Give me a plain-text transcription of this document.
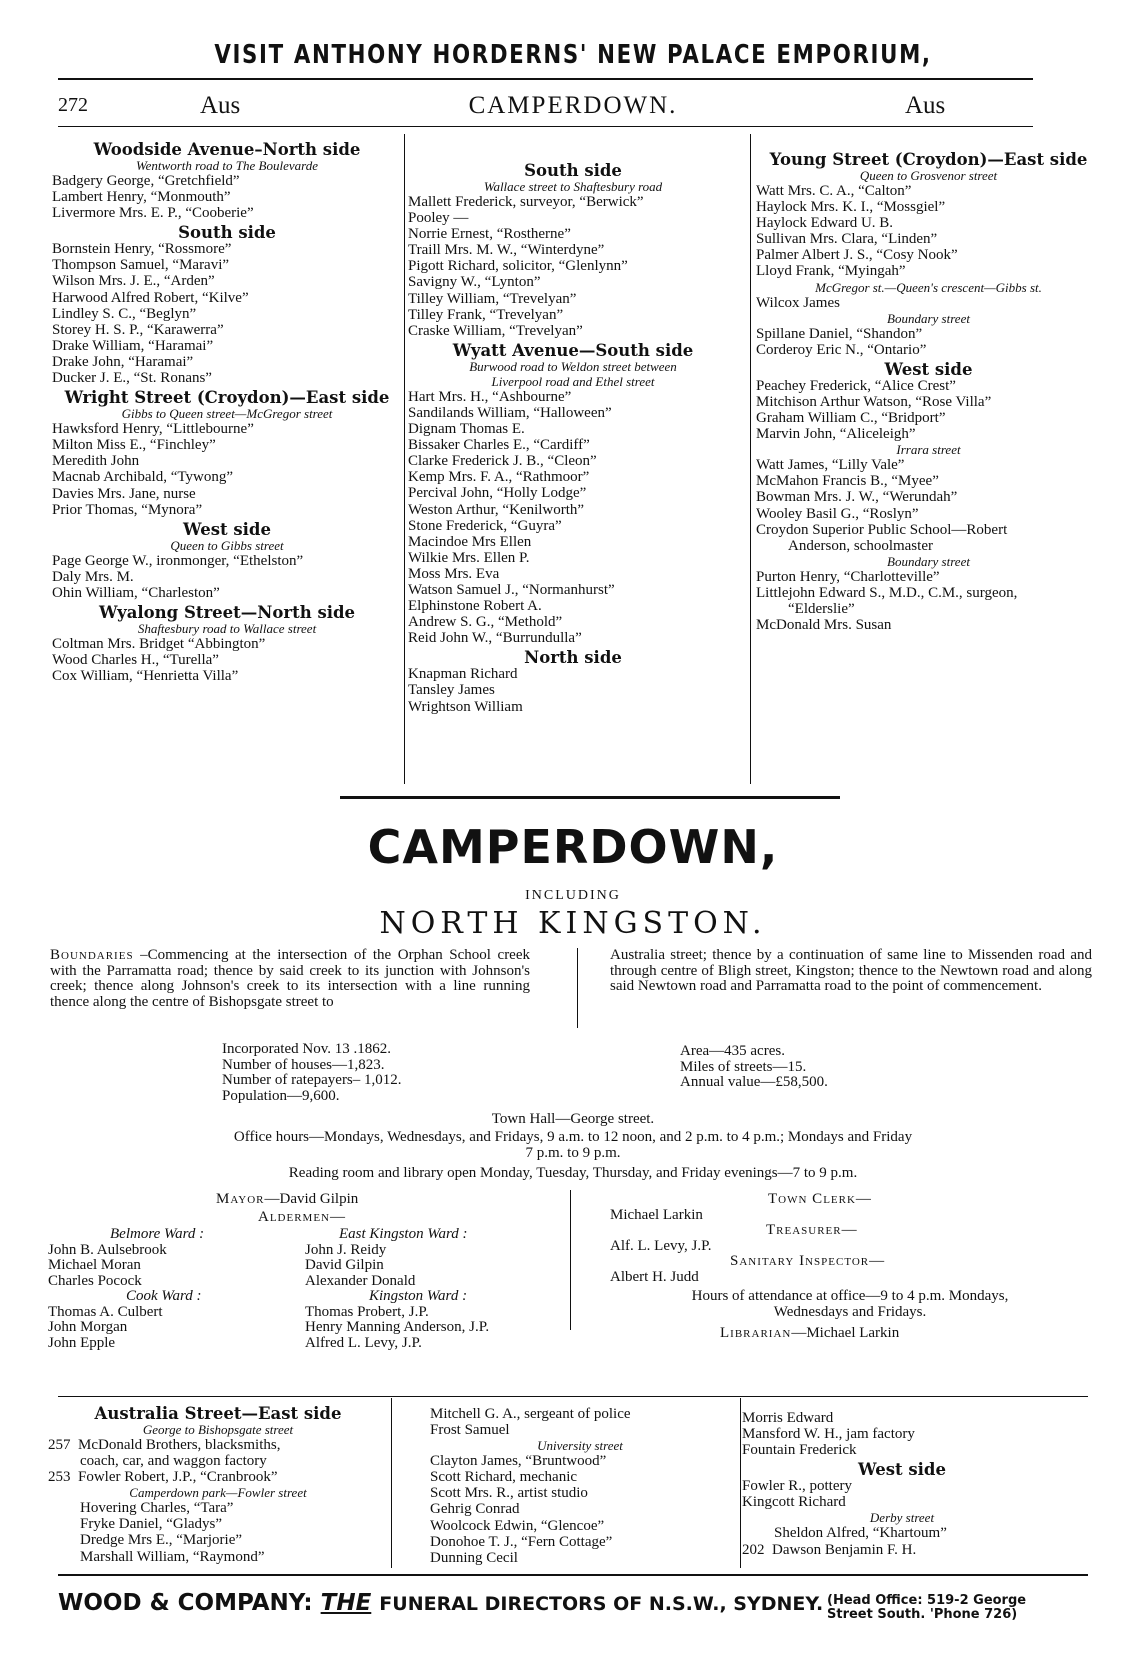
VISIT ANTHONY HORDERNS' NEW PALACE EMPORIUM,
272	Aus	CAMPERDOWN.	Aus
Woodside Avenue–North side
Wentworth road to The Boulevarde
Badgery George, “Gretchfield”
Lambert Henry, “Monmouth”
Livermore Mrs. E. P., “Cooberie”
South side
Bornstein Henry, “Rossmore”
Thompson Samuel, “Maravi”
Wilson Mrs. J. E., “Arden”
Harwood Alfred Robert, “Kilve”
Lindley S. C., “Beglyn”
Storey H. S. P., “Karawerra”
Drake William, “Haramai”
Drake John, “Haramai”
Ducker J. E., “St. Ronans”
Wright Street (Croydon)—East side
Gibbs to Queen street—McGregor street
Hawksford Henry, “Littlebourne”
Milton Miss E., “Finchley”
Meredith John
Macnab Archibald, “Tywong”
Davies Mrs. Jane, nurse
Prior Thomas, “Mynora”
West side
Queen to Gibbs street
Page George W., ironmonger, “Ethelston”
Daly Mrs. M.
Ohin William, “Charleston”
Wyalong Street—North side
Shaftesbury road to Wallace street
Coltman Mrs. Bridget “Abbington”
Wood Charles H., “Turella”
Cox William, “Henrietta Villa”
South side
Wallace street to Shaftesbury road
Mallett Frederick, surveyor, “Berwick”
Pooley —
Norrie Ernest, “Rostherne”
Traill Mrs. M. W., “Winterdyne”
Pigott Richard, solicitor, “Glenlynn”
Savigny W., “Lynton”
Tilley William, “Trevelyan”
Tilley Frank, “Trevelyan”
Craske William, “Trevelyan”
Wyatt Avenue—South side
Burwood road to Weldon street between
Liverpool road and Ethel street
Hart Mrs. H., “Ashbourne”
Sandilands William, “Halloween”
Dignam Thomas E.
Bissaker Charles E., “Cardiff”
Clarke Frederick J. B., “Cleon”
Kemp Mrs. F. A., “Rathmoor”
Percival John, “Holly Lodge”
Weston Arthur, “Kenilworth”
Stone Frederick, “Guyra”
Macindoe Mrs Ellen
Wilkie Mrs. Ellen P.
Moss Mrs. Eva
Watson Samuel J., “Normanhurst”
Elphinstone Robert A.
Andrew S. G., “Methold”
Reid John W., “Burrundulla”
North side
Knapman Richard
Tansley James
Wrightson William
Young Street (Croydon)—East side
Queen to Grosvenor street
Watt Mrs. C. A., “Calton”
Haylock Mrs. K. I., “Mossgiel”
Haylock Edward U. B.
Sullivan Mrs. Clara, “Linden”
Palmer Albert J. S., “Cosy Nook”
Lloyd Frank, “Myingah”
McGregor st.—Queen's crescent—Gibbs st.
Wilcox James
Boundary street
Spillane Daniel, “Shandon”
Corderoy Eric N., “Ontario”
West side
Peachey Frederick, “Alice Crest”
Mitchison Arthur Watson, “Rose Villa”
Graham William C., “Bridport”
Marvin John, “Aliceleigh”
Irrara street
Watt James, “Lilly Vale”
McMahon Francis B., “Myee”
Bowman Mrs. J. W., “Werundah”
Wooley Basil G., “Roslyn”
Croydon Superior Public School—Robert
Anderson, schoolmaster
Boundary street
Purton Henry, “Charlotteville”
Littlejohn Edward S., M.D., C.M., surgeon,
“Elderslie”
McDonald Mrs. Susan
CAMPERDOWN,
INCLUDING
NORTH KINGSTON.
Boundaries –Commencing at the intersection of the Orphan School creek with the Parramatta road; thence by said creek to its junction with Johnson's creek; thence along Johnson's creek to its intersection with a line running thence along the centre of Bishopsgate street to
Australia street; thence by a continuation of same line to Missenden road and through centre of Bligh street, Kingston; thence to the Newtown road and along said Newtown road and Parramatta road to the point of commencement.
Incorporated Nov. 13 .1862.
Number of houses—1,823.
Number of ratepayers– 1,012.
Population—9,600.
Area—435 acres.
Miles of streets—15.
Annual value—£58,500.
Town Hall—George street.
Office hours—Mondays, Wednesdays, and Fridays, 9 a.m. to 12 noon, and 2 p.m. to 4 p.m.; Mondays and Friday
7 p.m. to 9 p.m.
Reading room and library open Monday, Tuesday, Thursday, and Friday evenings—7 to 9 p.m.
Mayor—David Gilpin
Aldermen—
Belmore Ward :
John B. Aulsebrook
Michael Moran
Charles Pocock
Cook Ward :
Thomas A. Culbert
John Morgan
John Epple
East Kingston Ward :
John J. Reidy
David Gilpin
Alexander Donald
Kingston Ward :
Thomas Probert, J.P.
Henry Manning Anderson, J.P.
Alfred L. Levy, J.P.
Town Clerk—
Michael Larkin
Treasurer—
Alf. L. Levy, J.P.
Sanitary Inspector—
Albert H. Judd
Hours of attendance at office—9 to 4 p.m. Mondays,
Wednesdays and Fridays.
Librarian—Michael Larkin
Australia Street—East side
George to Bishopsgate street
257 McDonald Brothers, blacksmiths,
coach, car, and waggon factory
253 Fowler Robert, J.P., “Cranbrook”
Camperdown park—Fowler street
Hovering Charles, “Tara”
Fryke Daniel, “Gladys”
Dredge Mrs E., “Marjorie”
Marshall William, “Raymond”
Mitchell G. A., sergeant of police
Frost Samuel
University street
Clayton James, “Bruntwood”
Scott Richard, mechanic
Scott Mrs. R., artist studio
Gehrig Conrad
Woolcock Edwin, “Glencoe”
Donohoe T. J., “Fern Cottage”
Dunning Cecil
Morris Edward
Mansford W. H., jam factory
Fountain Frederick
West side
Fowler R., pottery
Kingcott Richard
Derby street
Sheldon Alfred, “Khartoum”
202 Dawson Benjamin F. H.
WOOD & COMPANY: THE FUNERAL DIRECTORS OF N.S.W., SYDNEY. (Head Office: 519-2 George
Street South. 'Phone 726)
